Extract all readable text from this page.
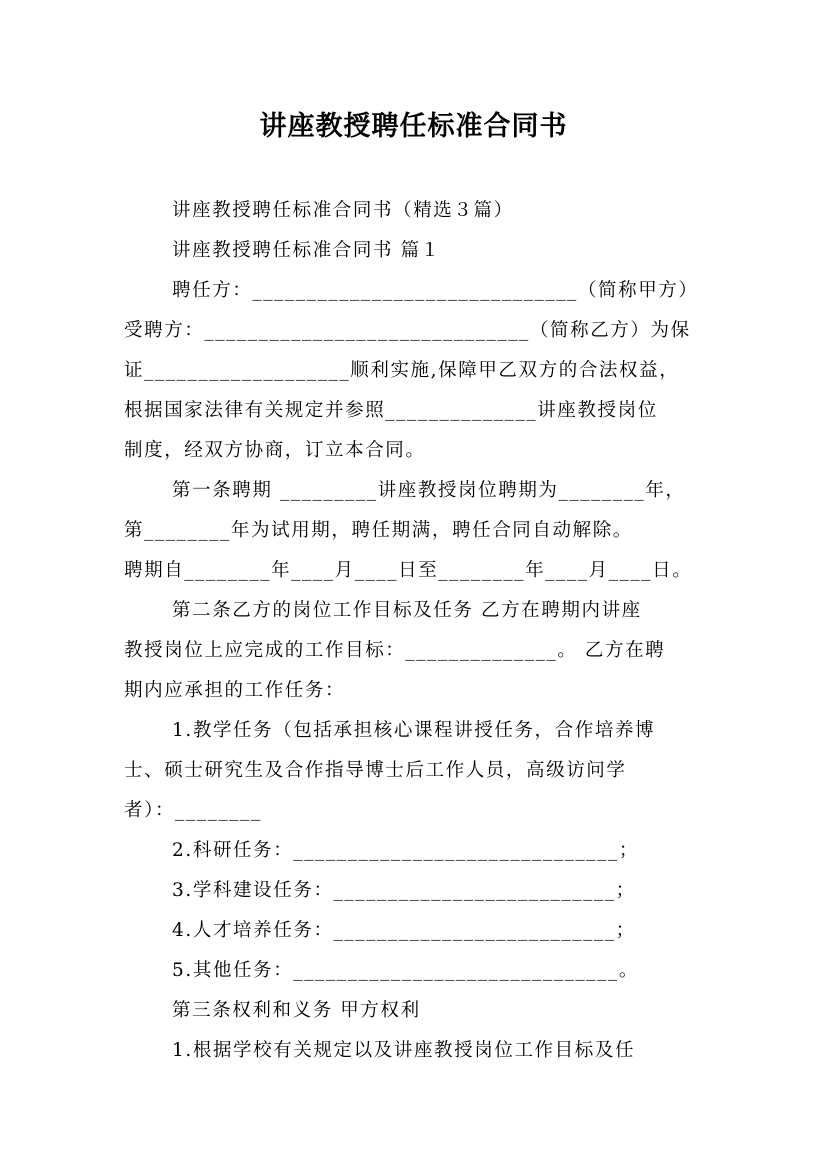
讲座教授聘任标准合同书
讲座教授聘任标准合同书（精选３篇）
讲座教授聘任标准合同书 篇１
聘任方：______________________________（简称甲方）
受聘方：______________________________（简称乙方）为保
证___________________顺利实施,保障甲乙双方的合法权益，
根据国家法律有关规定并参照______________讲座教授岗位
制度，经双方协商，订立本合同。
第一条聘期 _________讲座教授岗位聘期为________年，
第________年为试用期，聘任期满，聘任合同自动解除。
聘期自________年____月____日至________年____月____日。
第二条乙方的岗位工作目标及任务 乙方在聘期内讲座
教授岗位上应完成的工作目标：______________。 乙方在聘
期内应承担的工作任务：
1.教学任务（包括承担核心课程讲授任务，合作培养博
士、硕士研究生及合作指导博士后工作人员，高级访问学
者）：________
2.科研任务：______________________________；
3.学科建设任务：__________________________；
4.人才培养任务：__________________________；
5.其他任务：______________________________。
第三条权利和义务 甲方权利
1.根据学校有关规定以及讲座教授岗位工作目标及任
